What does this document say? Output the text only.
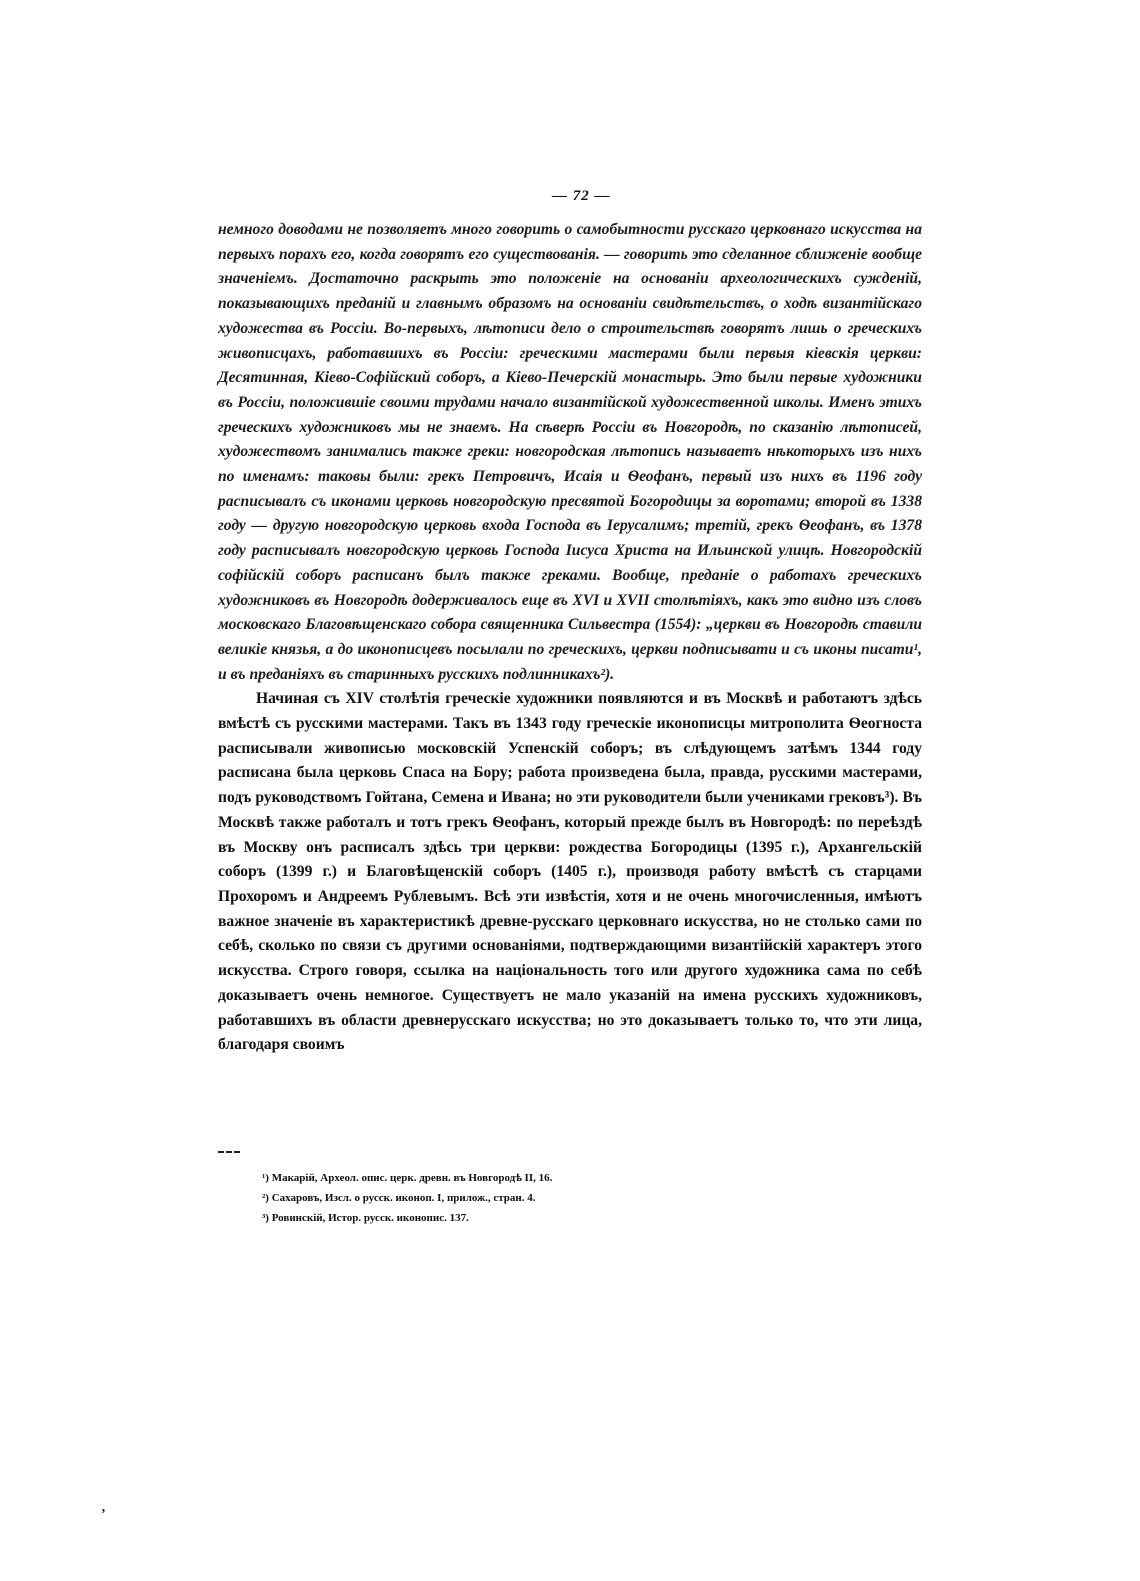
— 72 —

немного доводами не позволяетъ много говорить о самобытности русскаго церковнаго искусства на первыхъ порахъ его, когда говорятъ его существованія. — говорить это сделанное сближеніе вообще значеніемъ. Достаточно раскрыть это положеніе на основаніи археологическихъ сужденій, показывающихъ преданій и главнымъ образомъ на основаніи свидѣтельствъ, о ходѣ византійскаго художества въ Россіи. Во-первыхъ, лѣтописи дело о строительствѣ говорятъ лишь о греческихъ живописцахъ, работавшихъ въ Россіи: греческими мастерами были первыя кіевскія церкви: Десятинная, Кіево-Софійский соборъ, а Кіево-Печерскій монастырь. Это были первые художники въ Россіи, положившіе своими трудами начало византійской художественной школы. Именъ этихъ греческихъ художниковъ мы не знаемъ. На сѣверѣ Россіи въ Новгородѣ, по сказанію лѣтописей, художествомъ занимались также греки: новгородская лѣтопись называетъ нѣкоторыхъ изъ нихъ по именамъ: таковы были: грекъ Петровичъ, Исаія и Ѳеофанъ, первый изъ нихъ въ 1196 году расписывалъ съ иконами церковь новгородскую пресвятой Богородицы за воротами; второй въ 1338 году — другую новгородскую церковь входа Господа въ Іерусалимъ; третій, грекъ Ѳеофанъ, въ 1378 году расписывалъ новгородскую церковь Господа Іисуса Христа на Ильинской улицѣ. Новгородскій софійскій соборъ расписанъ былъ также греками. Вообще, преданіе о работахъ греческихъ художниковъ въ Новгородѣ додерживалось еще въ XVI и XVII столѣтіяхъ, какъ это видно изъ словъ московскаго Благовѣщенскаго собора священника Сильвестра (1554): „церкви въ Новгородѣ ставили великіе князья, а до иконописцевъ посылали по греческихъ, церкви подписывати и съ иконы писати¹, и въ преданіяхъ въ старинныхъ русскихъ подлинникахъ²).

Начиная съ XIV столѣтія греческіе художники появляются и въ Москвѣ и работаютъ здѣсь вмѣстѣ съ русскими мастерами. Такъ въ 1343 году греческіе иконописцы митрополита Ѳеогноста расписывали живописью московскій Успенскій соборъ; въ слѣдующемъ затѣмъ 1344 году расписана была церковь Спаса на Бору; работа произведена была, правда, русскими мастерами, подъ руководствомъ Гойтана, Семена и Ивана; но эти руководители были учениками грековъ³). Въ Москвѣ также работалъ и тотъ грекъ Ѳеофанъ, который прежде былъ въ Новгородѣ: по переѣздѣ въ Москву онъ расписалъ здѣсь три церкви: рождества Богородицы (1395 г.), Архангельскій соборъ (1399 г.) и Благовѣщенскій соборъ (1405 г.), производя работу вмѣстѣ съ старцами Прохоромъ и Андреемъ Рублевымъ. Всѣ эти извѣстія, хотя и не очень многочисленныя, имѣютъ важное значеніе въ характеристикѣ древне-русскаго церковнаго искусства, но не столько сами по себѣ, сколько по связи съ другими основаніями, подтверждающими византійскій характеръ этого искусства. Строго говоря, ссылка на національность того или другого художника сама по себѣ доказываетъ очень немногое. Существуетъ не мало указаній на имена русскихъ художниковъ, работавшихъ въ области древнерусскаго искусства; но это доказываетъ только то, что эти лица, благодаря своимъ

¹) Макарій, Археол. опис. церк. древн. въ Новгородѣ II, 16.
²) Сахаровъ, Изсл. о русск. иконоп. I, прилож., стран. 4.
³) Ровинскій, Истор. русск. иконопис. 137.
ʼ
